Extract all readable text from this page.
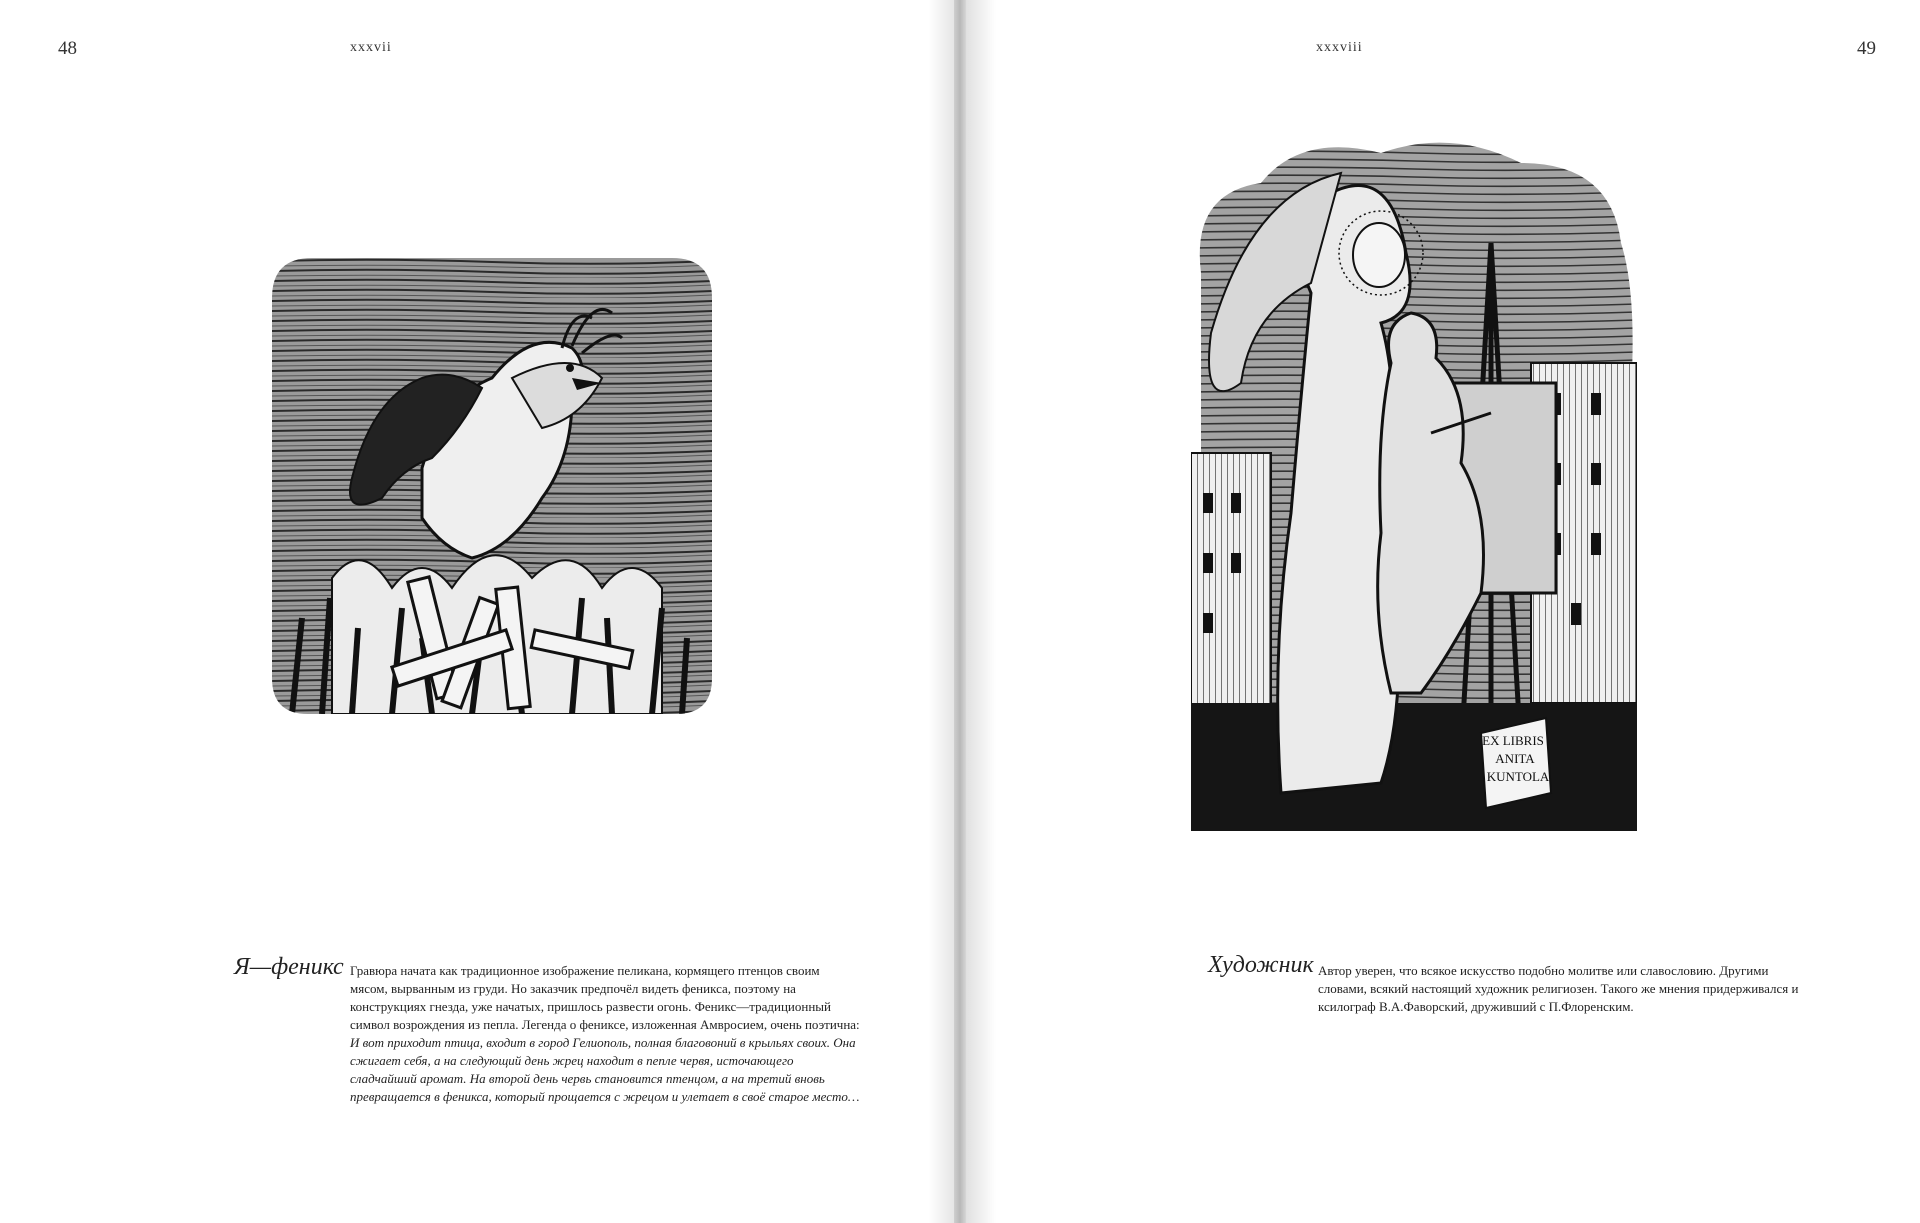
48	xxxvii
Я—феникс Гравюра начата как традиционное изображение пеликана, кормящего птенцов своим мясом, вырванным из груди. Но заказчик предпочёл видеть феникса, поэтому на конструкциях гнезда, уже начатых, пришлось развести огонь. Феникс—традиционный символ возрождения из пепла. Легенда о фениксе, изложенная Амвросием, очень поэтична: И вот приходит птица, входит в город Гелиополь, полная благовоний в крыльях своих. Она сжигает себя, а на следующий день жрец находит в пепле червя, источающего сладчайший аромат. На второй день червь становится птенцом, а на третий вновь превращается в феникса, который прощается с жрецом и улетает в своё старое место…

xxxviii	49
EX LIBRIS
ANITA
KUNTOLA
Художник Автор уверен, что всякое искусство подобно молитве или славословию. Другими словами, всякий настоящий художник религиозен. Такого же мнения придерживался и ксилограф В.А.Фаворский, друживший с П.Флоренским.
